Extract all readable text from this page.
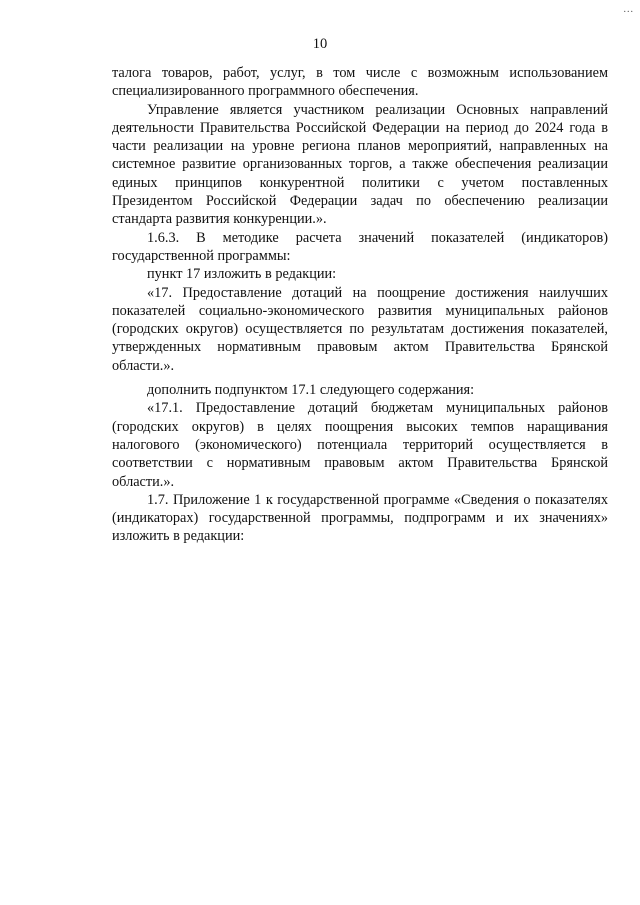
...
10

талога товаров, работ, услуг, в том числе с возможным использованием специализированного программного обеспечения.

Управление является участником реализации Основных направлений деятельности Правительства Российской Федерации на период до 2024 года в части реализации на уровне региона планов мероприятий, направленных на системное развитие организованных торгов, а также обеспечения реализации единых принципов конкурентной политики с учетом поставленных Президентом Российской Федерации задач по обеспечению реализации стандарта развития конкуренции.».

1.6.3. В методике расчета значений показателей (индикаторов) государственной программы:

пункт 17 изложить в редакции:

«17. Предоставление дотаций на поощрение достижения наилучших показателей социально-экономического развития муниципальных районов (городских округов) осуществляется по результатам достижения показателей, утвержденных нормативным правовым актом Правительства Брянской области.».

дополнить подпунктом 17.1 следующего содержания:

«17.1. Предоставление дотаций бюджетам муниципальных районов (городских округов) в целях поощрения высоких темпов наращивания налогового (экономического) потенциала территорий осуществляется в соответствии с нормативным правовым актом Правительства Брянской области.».

1.7. Приложение 1 к государственной программе «Сведения о показателях (индикаторах) государственной программы, подпрограмм и их значениях» изложить в редакции:
